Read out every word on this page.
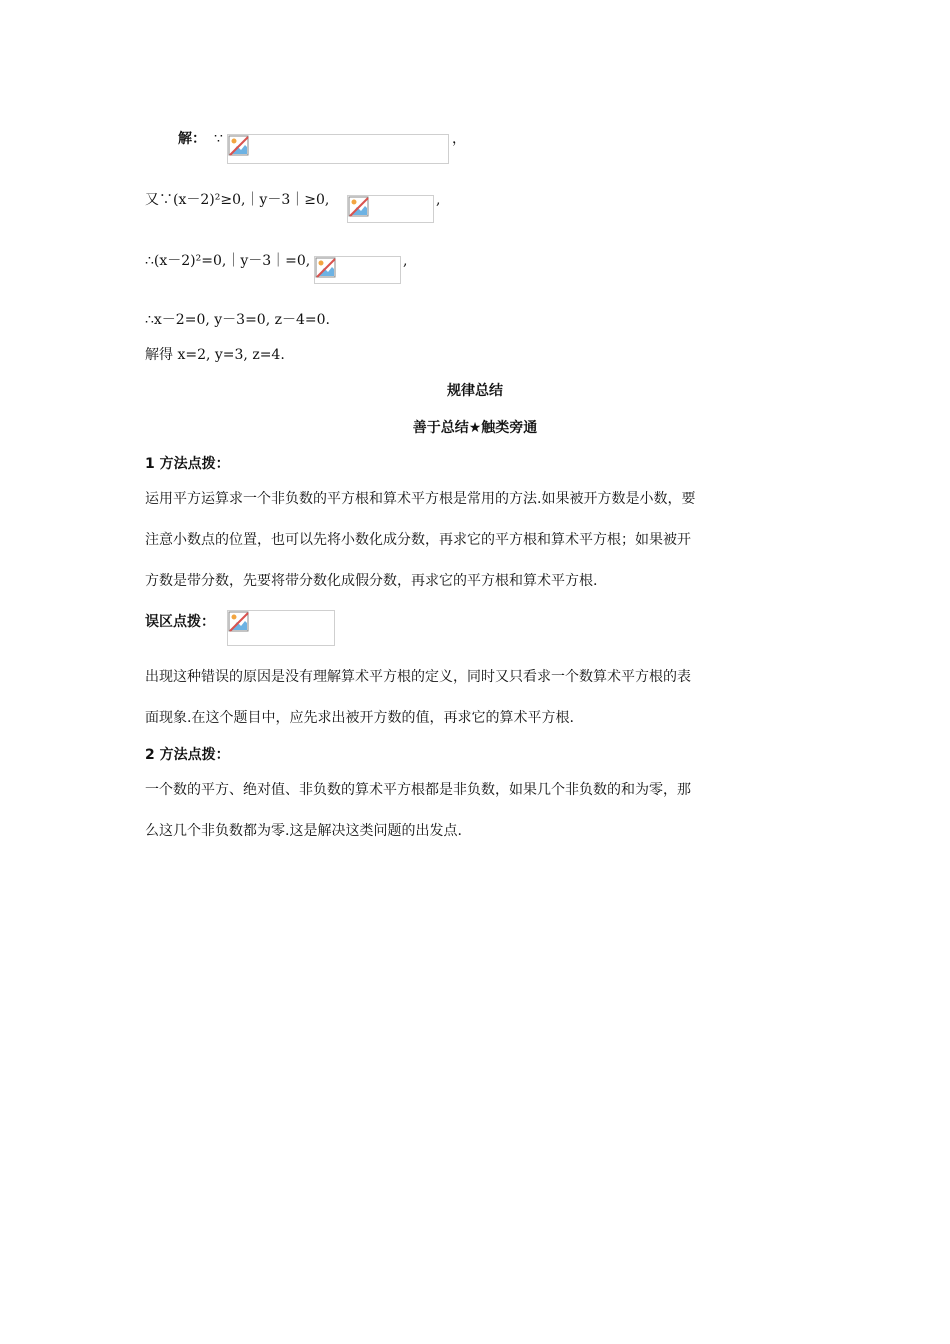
解： ∵	，
又∵(x－2)²≥0,｜y－3｜≥0,	,
∴(x－2)²=0,｜y－3｜=0,	,
∴x－2=0, y－3=0, z－4=0.
解得 x=2, y=3, z=4.
规律总结
善于总结★触类旁通
1 方法点拨：
运用平方运算求一个非负数的平方根和算术平方根是常用的方法.如果被开方数是小数，要
注意小数点的位置，也可以先将小数化成分数，再求它的平方根和算术平方根；如果被开
方数是带分数，先要将带分数化成假分数，再求它的平方根和算术平方根.
误区点拨：
出现这种错误的原因是没有理解算术平方根的定义，同时又只看求一个数算术平方根的表
面现象.在这个题目中，应先求出被开方数的值，再求它的算术平方根.
2 方法点拨：
一个数的平方、绝对值、非负数的算术平方根都是非负数，如果几个非负数的和为零，那
么这几个非负数都为零.这是解决这类问题的出发点.
